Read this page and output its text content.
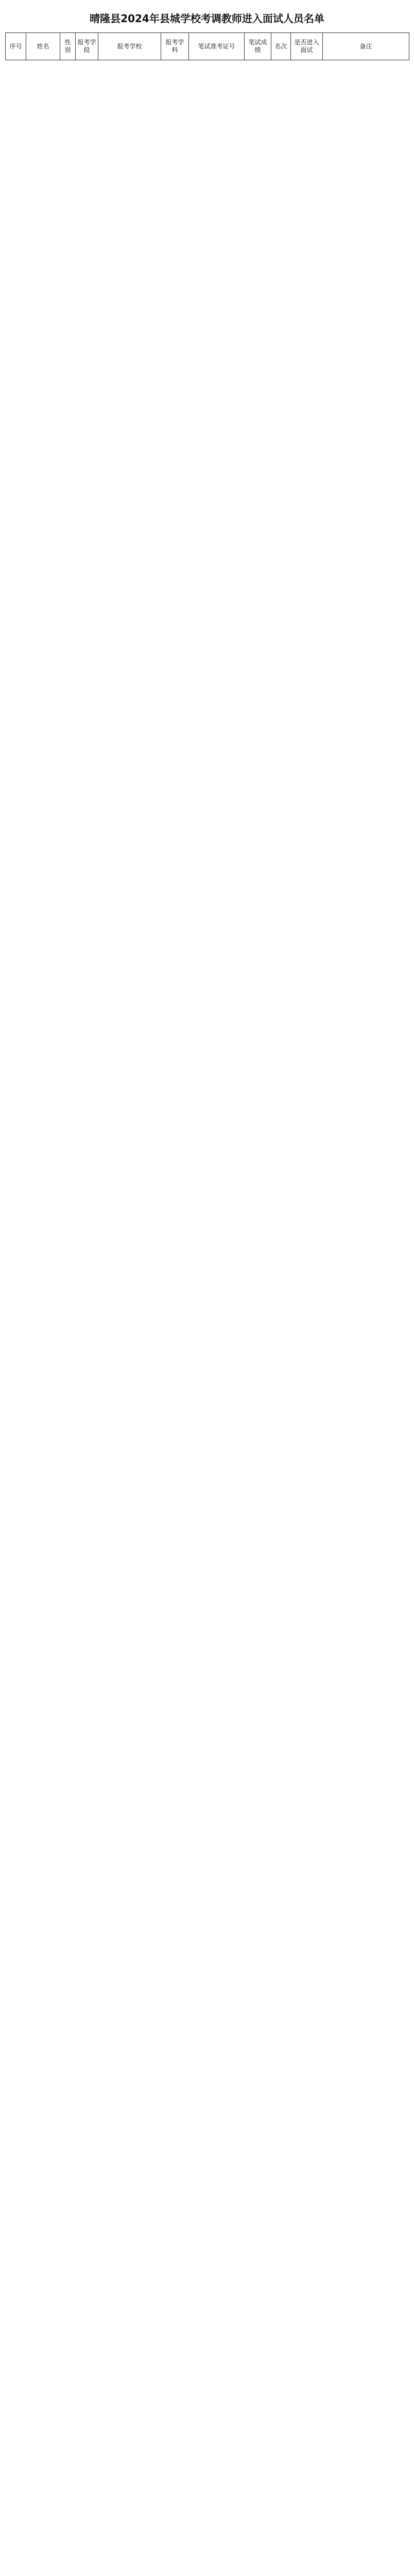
晴隆县2024年县城学校考调教师进入面试人员名单
序号	姓名	性别	报考学段	报考学校	报考学科	笔试准考证号	笔试成绩	名次	是否进入面试	备注
